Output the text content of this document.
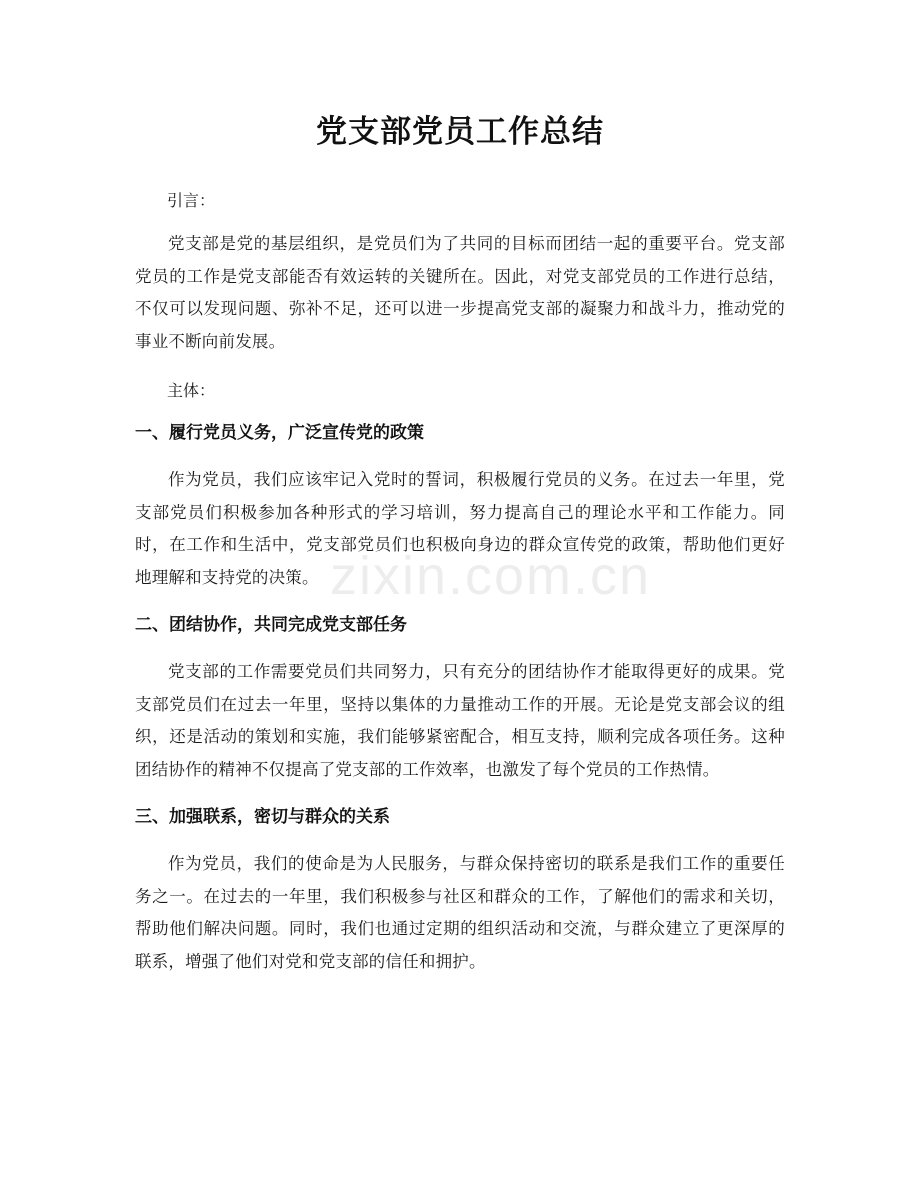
zixin.com.cn
党支部党员工作总结

引言：

党支部是党的基层组织，是党员们为了共同的目标而团结一起的重要平台。党支部党员的工作是党支部能否有效运转的关键所在。因此，对党支部党员的工作进行总结，不仅可以发现问题、弥补不足，还可以进一步提高党支部的凝聚力和战斗力，推动党的事业不断向前发展。

主体：

一、履行党员义务，广泛宣传党的政策

作为党员，我们应该牢记入党时的誓词，积极履行党员的义务。在过去一年里，党支部党员们积极参加各种形式的学习培训，努力提高自己的理论水平和工作能力。同时，在工作和生活中，党支部党员们也积极向身边的群众宣传党的政策，帮助他们更好地理解和支持党的决策。

二、团结协作，共同完成党支部任务

党支部的工作需要党员们共同努力，只有充分的团结协作才能取得更好的成果。党支部党员们在过去一年里，坚持以集体的力量推动工作的开展。无论是党支部会议的组织，还是活动的策划和实施，我们能够紧密配合，相互支持，顺利完成各项任务。这种团结协作的精神不仅提高了党支部的工作效率，也激发了每个党员的工作热情。

三、加强联系，密切与群众的关系

作为党员，我们的使命是为人民服务，与群众保持密切的联系是我们工作的重要任务之一。在过去的一年里，我们积极参与社区和群众的工作，了解他们的需求和关切，帮助他们解决问题。同时，我们也通过定期的组织活动和交流，与群众建立了更深厚的联系，增强了他们对党和党支部的信任和拥护。
